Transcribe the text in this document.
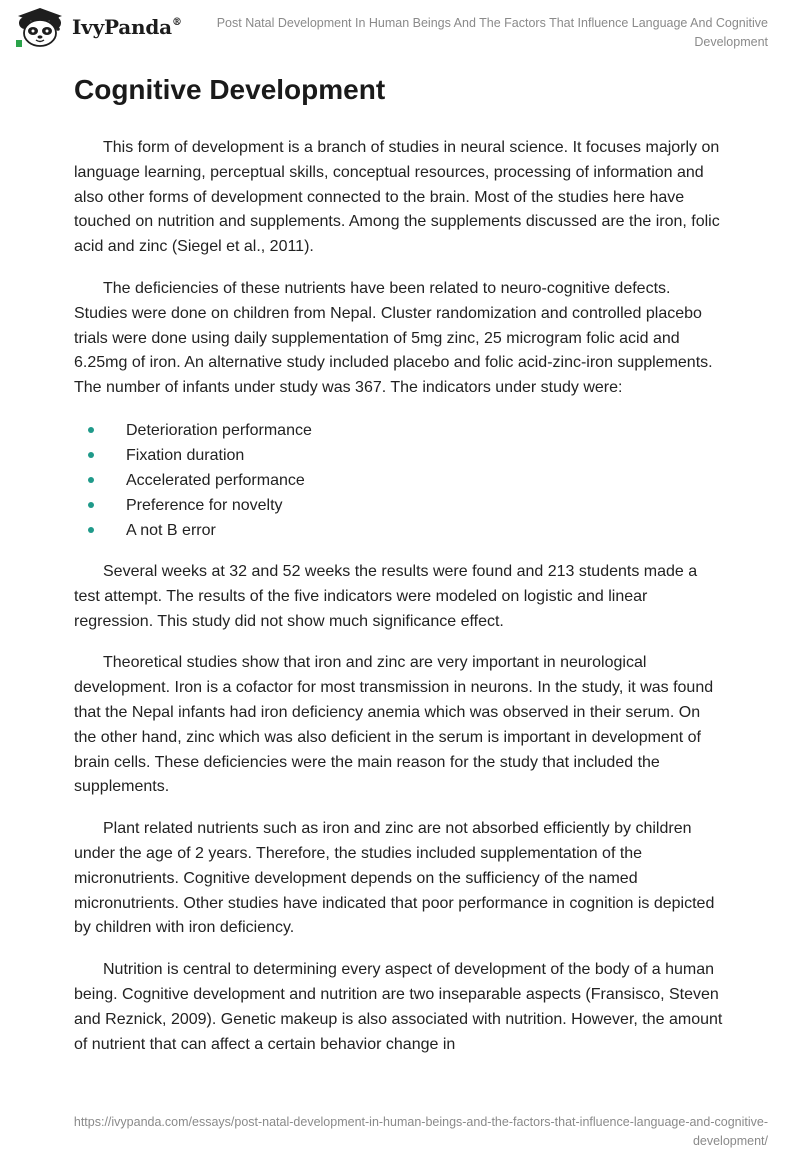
IvyPanda®	Post Natal Development In Human Beings And The Factors That Influence Language And Cognitive Development
Cognitive Development

This form of development is a branch of studies in neural science. It focuses majorly on language learning, perceptual skills, conceptual resources, processing of information and also other forms of development connected to the brain. Most of the studies here have touched on nutrition and supplements. Among the supplements discussed are the iron, folic acid and zinc (Siegel et al., 2011).

The deficiencies of these nutrients have been related to neuro-cognitive defects. Studies were done on children from Nepal. Cluster randomization and controlled placebo trials were done using daily supplementation of 5mg zinc, 25 microgram folic acid and 6.25mg of iron. An alternative study included placebo and folic acid-zinc-iron supplements. The number of infants under study was 367. The indicators under study were:

Deterioration performance
Fixation duration
Accelerated performance
Preference for novelty
A not B error

Several weeks at 32 and 52 weeks the results were found and 213 students made a test attempt. The results of the five indicators were modeled on logistic and linear regression. This study did not show much significance effect.

Theoretical studies show that iron and zinc are very important in neurological development. Iron is a cofactor for most transmission in neurons. In the study, it was found that the Nepal infants had iron deficiency anemia which was observed in their serum. On the other hand, zinc which was also deficient in the serum is important in development of brain cells. These deficiencies were the main reason for the study that included the supplements.

Plant related nutrients such as iron and zinc are not absorbed efficiently by children under the age of 2 years. Therefore, the studies included supplementation of the micronutrients. Cognitive development depends on the sufficiency of the named micronutrients. Other studies have indicated that poor performance in cognition is depicted by children with iron deficiency.

Nutrition is central to determining every aspect of development of the body of a human being. Cognitive development and nutrition are two inseparable aspects (Fransisco, Steven and Reznick, 2009). Genetic makeup is also associated with nutrition. However, the amount of nutrient that can affect a certain behavior change in

https://ivypanda.com/essays/post-natal-development-in-human-beings-and-the-factors-that-influence-language-and-cognitive-development/
